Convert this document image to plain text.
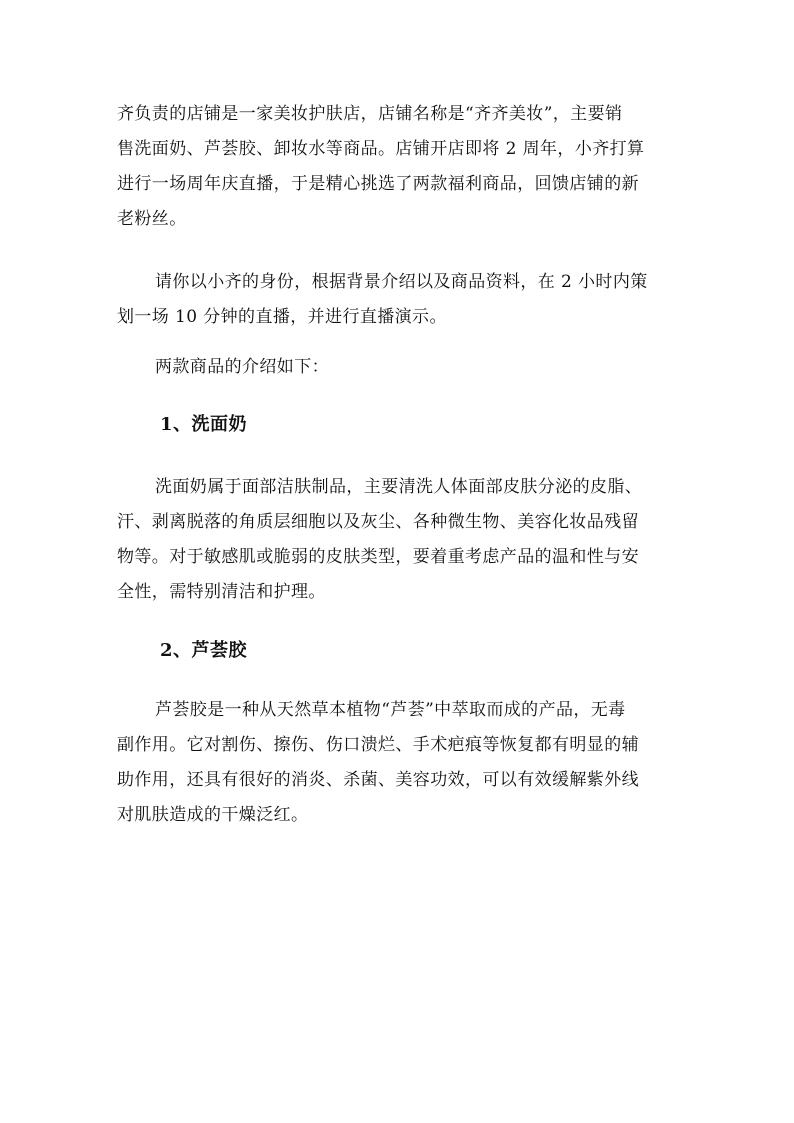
齐负责的店铺是一家美妆护肤店，店铺名称是“齐齐美妆”，主要销
售洗面奶、芦荟胶、卸妆水等商品。店铺开店即将 2 周年，小齐打算
进行一场周年庆直播，于是精心挑选了两款福利商品，回馈店铺的新
老粉丝。
请你以小齐的身份，根据背景介绍以及商品资料，在 2 小时内策
划一场 10 分钟的直播，并进行直播演示。
两款商品的介绍如下：
1、洗面奶
洗面奶属于面部洁肤制品，主要清洗人体面部皮肤分泌的皮脂、
汗、剥离脱落的角质层细胞以及灰尘、各种微生物、美容化妆品残留
物等。对于敏感肌或脆弱的皮肤类型，要着重考虑产品的温和性与安
全性，需特别清洁和护理。
2、芦荟胶
芦荟胶是一种从天然草本植物“芦荟”中萃取而成的产品，无毒
副作用。它对割伤、擦伤、伤口溃烂、手术疤痕等恢复都有明显的辅
助作用，还具有很好的消炎、杀菌、美容功效，可以有效缓解紫外线
对肌肤造成的干燥泛红。
